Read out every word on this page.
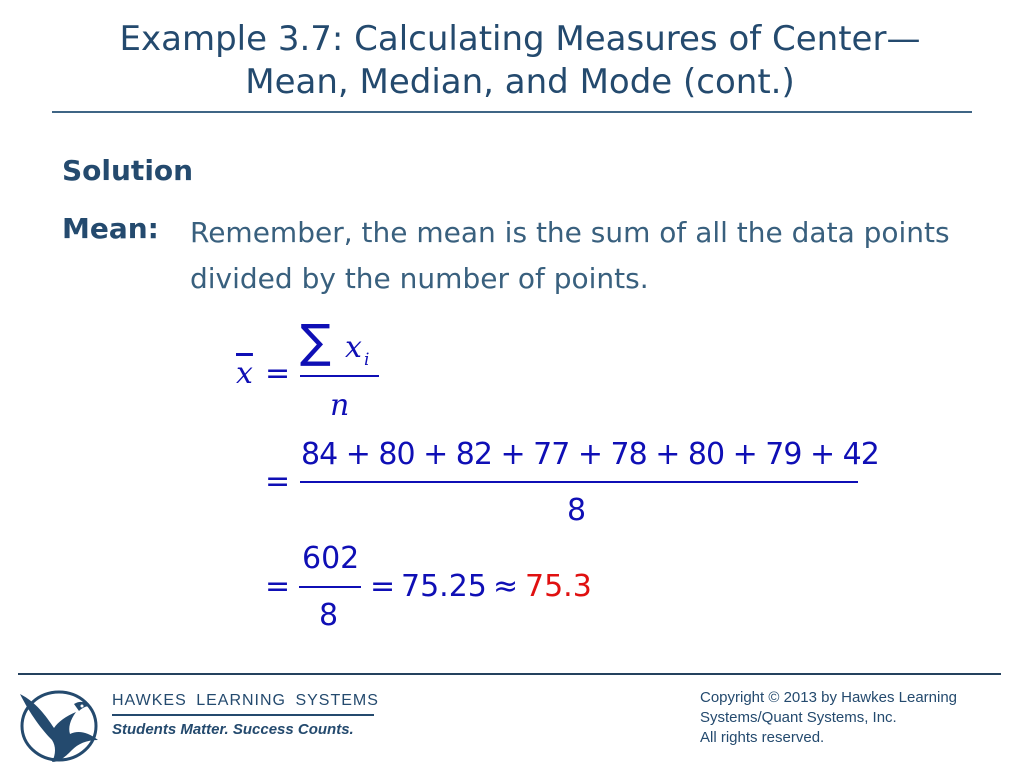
Example 3.7: Calculating Measures of Center—
Mean, Median, and Mode (cont.)
Solution
Mean: Remember, the mean is the sum of all the data points divided by the number of points.
$\overline{x}$ =
∑ x i
n
=
84 + 80 + 82 + 77 + 78 + 80 + 79 + 42
8
=
602
8
= 75.25 ≈ 75.3
HAWKES LEARNING SYSTEMS
Students Matter. Success Counts.
Copyright © 2013 by Hawkes Learning
Systems/Quant Systems, Inc.
All rights reserved.
